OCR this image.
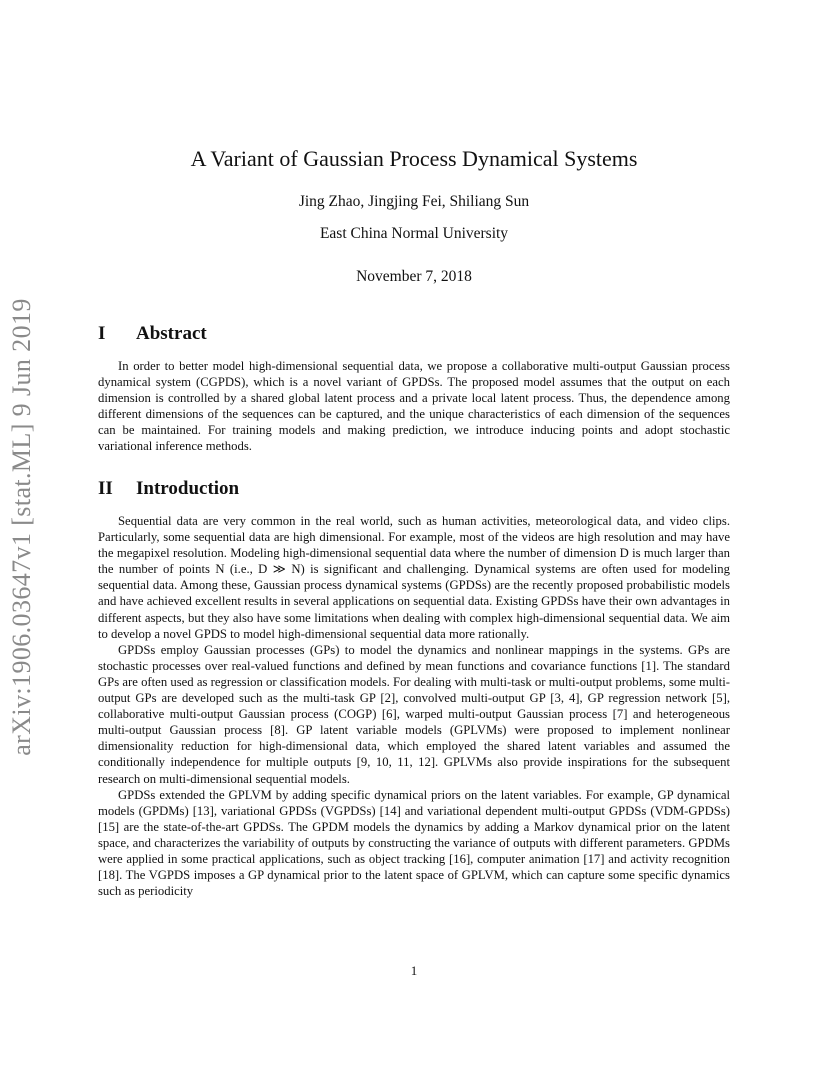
arXiv:1906.03647v1 [stat.ML] 9 Jun 2019
A Variant of Gaussian Process Dynamical Systems
Jing Zhao, Jingjing Fei, Shiliang Sun
East China Normal University
November 7, 2018
I Abstract

In order to better model high-dimensional sequential data, we propose a collaborative multi-output Gaussian process dynamical system (CGPDS), which is a novel variant of GPDSs. The proposed model assumes that the output on each dimension is controlled by a shared global latent process and a private local latent process. Thus, the dependence among different dimensions of the sequences can be captured, and the unique characteristics of each dimension of the sequences can be maintained. For training models and making prediction, we introduce inducing points and adopt stochastic variational inference methods.

II Introduction

Sequential data are very common in the real world, such as human activities, meteorological data, and video clips. Particularly, some sequential data are high dimensional. For example, most of the videos are high resolution and may have the megapixel resolution. Modeling high-dimensional sequential data where the number of dimension D is much larger than the number of points N (i.e., D ≫ N) is significant and challenging. Dynamical systems are often used for modeling sequential data. Among these, Gaussian process dynamical systems (GPDSs) are the recently proposed probabilistic models and have achieved excellent results in several applications on sequential data. Existing GPDSs have their own advantages in different aspects, but they also have some limitations when dealing with complex high-dimensional sequential data. We aim to develop a novel GPDS to model high-dimensional sequential data more rationally.

GPDSs employ Gaussian processes (GPs) to model the dynamics and nonlinear mappings in the systems. GPs are stochastic processes over real-valued functions and defined by mean functions and covariance functions [1]. The standard GPs are often used as regression or classification models. For dealing with multi-task or multi-output problems, some multi-output GPs are developed such as the multi-task GP [2], convolved multi-output GP [3, 4], GP regression network [5], collaborative multi-output Gaussian process (COGP) [6], warped multi-output Gaussian process [7] and heterogeneous multi-output Gaussian process [8]. GP latent variable models (GPLVMs) were proposed to implement nonlinear dimensionality reduction for high-dimensional data, which employed the shared latent variables and assumed the conditionally independence for multiple outputs [9, 10, 11, 12]. GPLVMs also provide inspirations for the subsequent research on multi-dimensional sequential models.

GPDSs extended the GPLVM by adding specific dynamical priors on the latent variables. For example, GP dynamical models (GPDMs) [13], variational GPDSs (VGPDSs) [14] and variational dependent multi-output GPDSs (VDM-GPDSs) [15] are the state-of-the-art GPDSs. The GPDM models the dynamics by adding a Markov dynamical prior on the latent space, and characterizes the variability of outputs by constructing the variance of outputs with different parameters. GPDMs were applied in some practical applications, such as object tracking [16], computer animation [17] and activity recognition [18]. The VGPDS imposes a GP dynamical prior to the latent space of GPLVM, which can capture some specific dynamics such as periodicity

1
